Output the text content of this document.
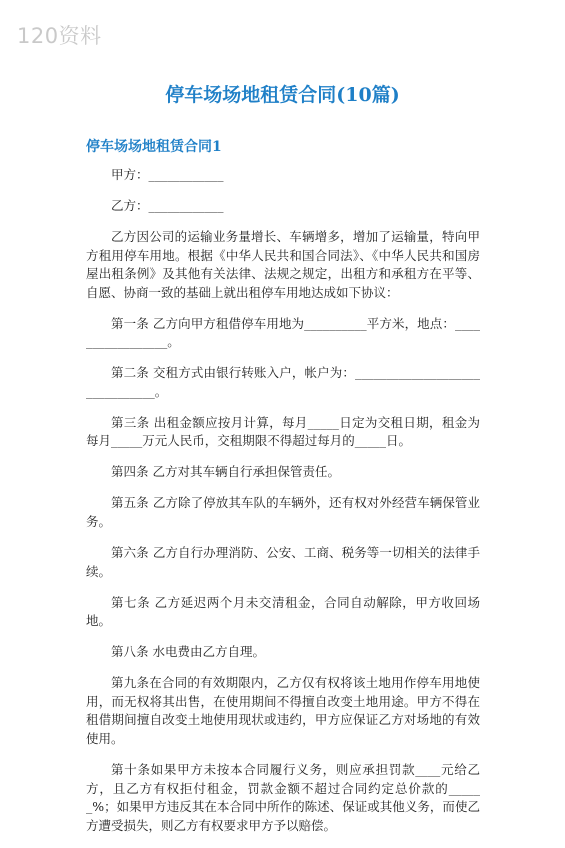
120资料
停车场场地租赁合同(10篇)
停车场场地租赁合同1

甲方：____________

乙方：____________

乙方因公司的运输业务量增长、车辆增多，增加了运输量，特向甲方租用停车用地。根据《中华人民共和国合同法》、《中华人民共和国房屋出租条例》及其他有关法律、法规之规定，出租方和承租方在平等、自愿、协商一致的基础上就出租停车用地达成如下协议：

第一条 乙方向甲方租借停车用地为__________平方米，地点：_________________。

第二条 交租方式由银行转账入户，帐户为：_______________________________。

第三条 出租金额应按月计算，每月_____日定为交租日期，租金为每月_____万元人民币，交租期限不得超过每月的_____日。

第四条 乙方对其车辆自行承担保管责任。

第五条 乙方除了停放其车队的车辆外，还有权对外经营车辆保管业务。

第六条 乙方自行办理消防、公安、工商、税务等一切相关的法律手续。

第七条 乙方延迟两个月未交清租金，合同自动解除，甲方收回场地。

第八条 水电费由乙方自理。

第九条在合同的有效期限内，乙方仅有权将该土地用作停车用地使用，而无权将其出售，在使用期间不得擅自改变土地用途。甲方不得在租借期间擅自改变土地使用现状或违约，甲方应保证乙方对场地的有效使用。

第十条如果甲方未按本合同履行义务，则应承担罚款____元给乙方，且乙方有权拒付租金，罚款金额不超过合同约定总价款的______%；如果甲方违反其在本合同中所作的陈述、保证或其他义务，而使乙方遭受损失，则乙方有权要求甲方予以赔偿。
